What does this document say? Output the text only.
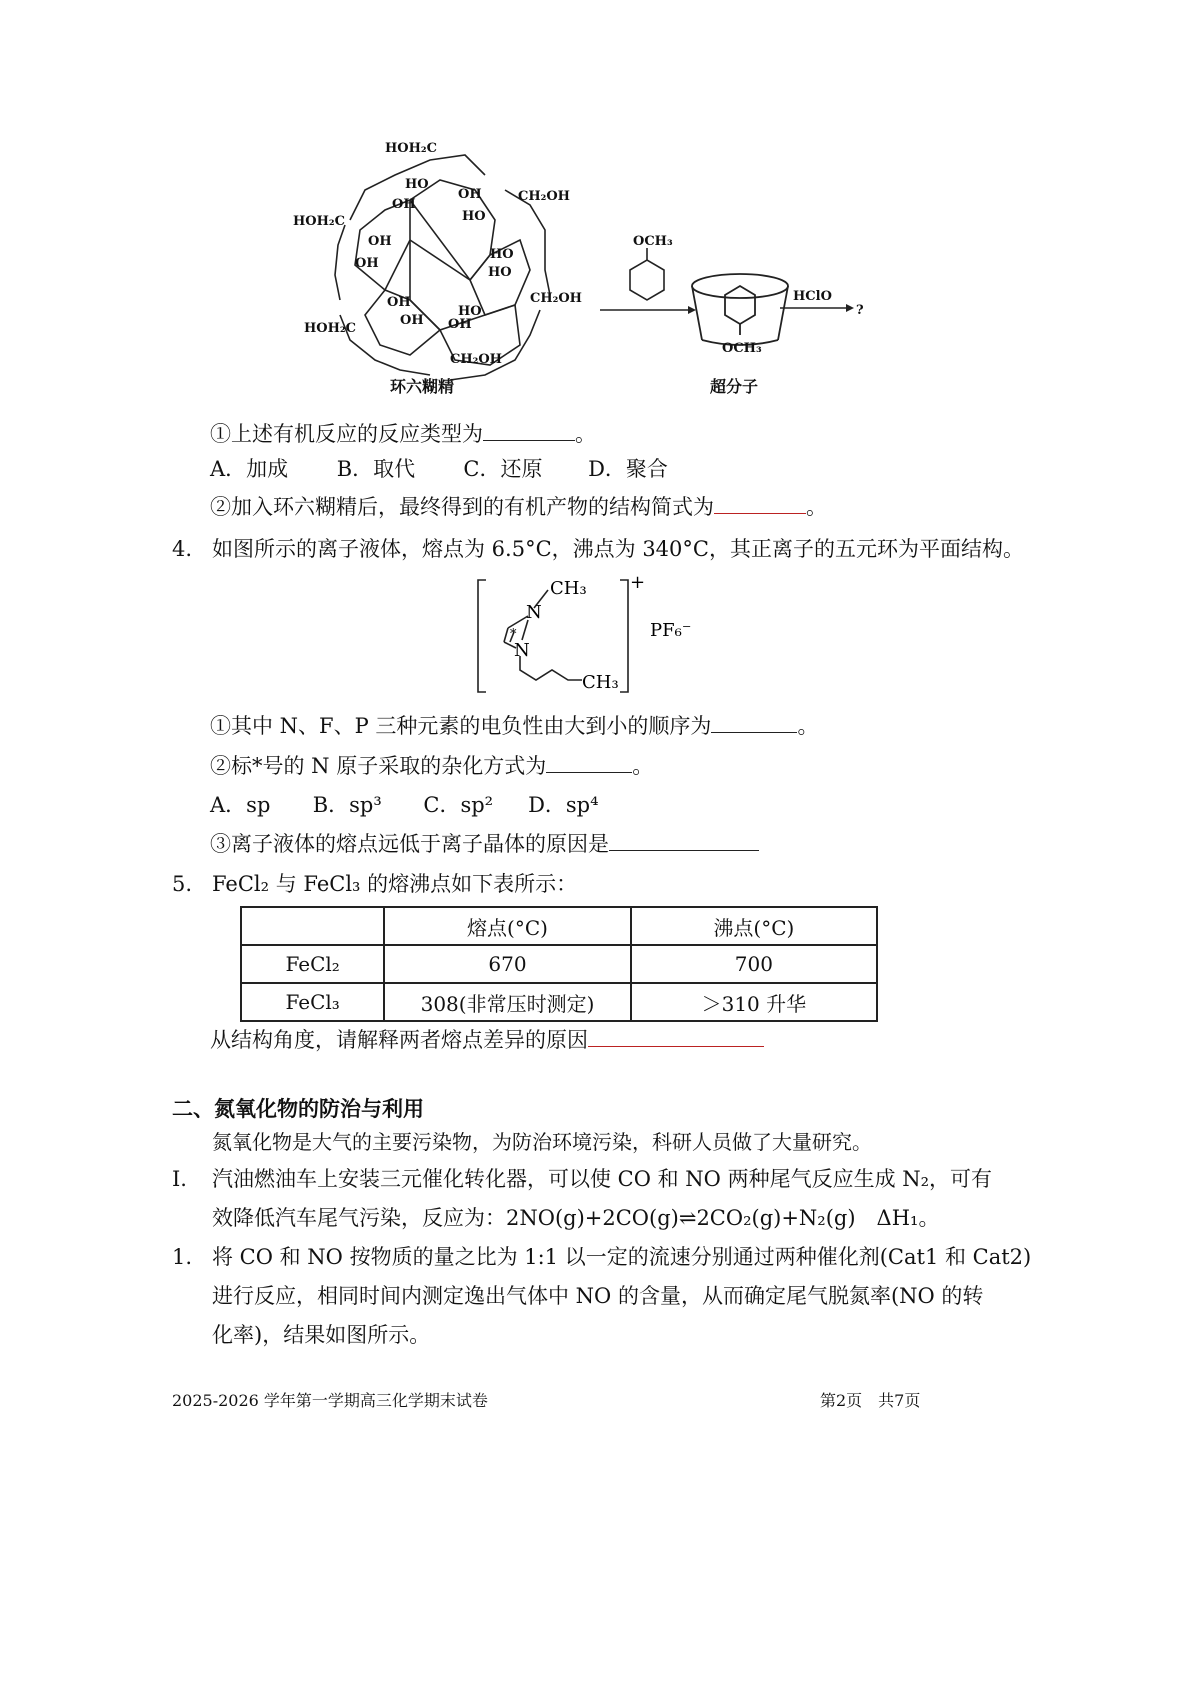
HOH₂C
HO
OH
OH	CH₂OH
HOH₂C	HO
OH
HO
HO
OH
OH	CH₂OH
HOH₂C
OH OH
HO
CH₂OH
环六糊精
OCH₃
OCH₃
超分子
HClO
?
①上述有机反应的反应类型为	。
A．加成 B．取代 C．还原 D．聚合
②加入环六糊精后，最终得到的有机产物的结构简式为	。
4. 如图所示的离子液体，熔点为 6.5°C，沸点为 340°C，其正离子的五元环为平面结构。
CH₃
N
*
N
CH₃
+
PF₆⁻
①其中 N、F、P 三种元素的电负性由大到小的顺序为	。
②标*号的 N 原子采取的杂化方式为	。
A．sp B．sp³ C．sp² D．sp⁴
③离子液体的熔点远低于离子晶体的原因是
5. FeCl₂ 与 FeCl₃ 的熔沸点如下表所示：
	熔点(°C)	沸点(°C)
FeCl₂	670	700
FeCl₃	308(非常压时测定)	＞310 升华
从结构角度，请解释两者熔点差异的原因
二、氮氧化物的防治与利用
氮氧化物是大气的主要污染物，为防治环境污染，科研人员做了大量研究。
Ⅰ. 汽油燃油车上安装三元催化转化器，可以使 CO 和 NO 两种尾气反应生成 N₂，可有
效降低汽车尾气污染，反应为：2NO(g)+2CO(g)⇌2CO₂(g)+N₂(g)　ΔH₁。
1. 将 CO 和 NO 按物质的量之比为 1:1 以一定的流速分别通过两种催化剂(Cat1 和 Cat2)
进行反应，相同时间内测定逸出气体中 NO 的含量，从而确定尾气脱氮率(NO 的转
化率)，结果如图所示。
2025-2026 学年第一学期高三化学期末试卷	第2页　共7页
